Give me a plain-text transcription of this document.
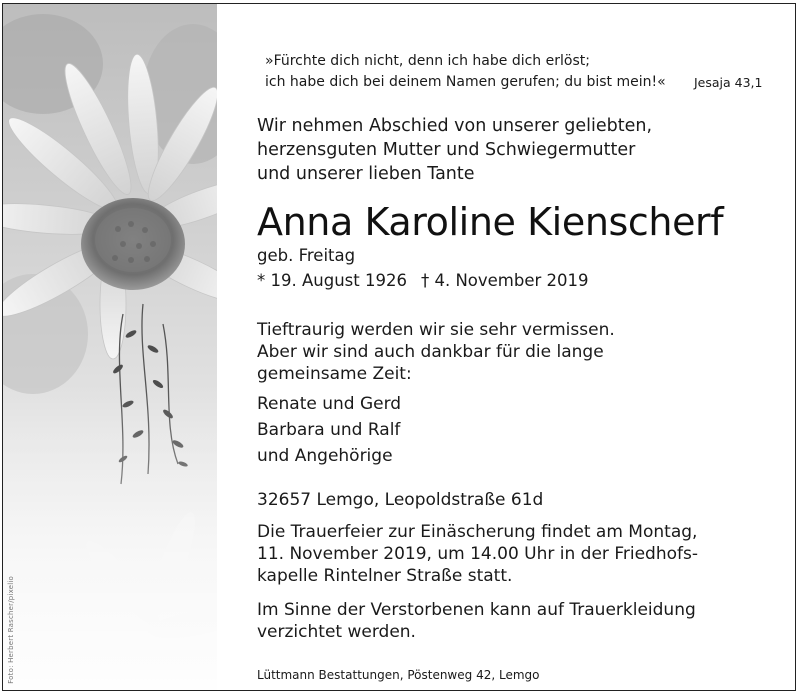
Foto: Herbert Rascher/pixelio
»Fürchte dich nicht, denn ich habe dich erlöst;
ich habe dich bei deinem Namen gerufen; du bist mein!«	Jesaja 43,1
Wir nehmen Abschied von unserer geliebten,
herzensguten Mutter und Schwiegermutter
und unserer lieben Tante
Anna Karoline Kienscherf
geb. Freitag
* 19. August 1926 † 4. November 2019
Tieftraurig werden wir sie sehr vermissen.
Aber wir sind auch dankbar für die lange
gemeinsame Zeit:
Renate und Gerd
Barbara und Ralf
und Angehörige
32657 Lemgo, Leopoldstraße 61d
Die Trauerfeier zur Einäscherung findet am Montag,
11. November 2019, um 14.00 Uhr in der Friedhofs-
kapelle Rintelner Straße statt.
Im Sinne der Verstorbenen kann auf Trauerkleidung
verzichtet werden.
Lüttmann Bestattungen, Pöstenweg 42, Lemgo
